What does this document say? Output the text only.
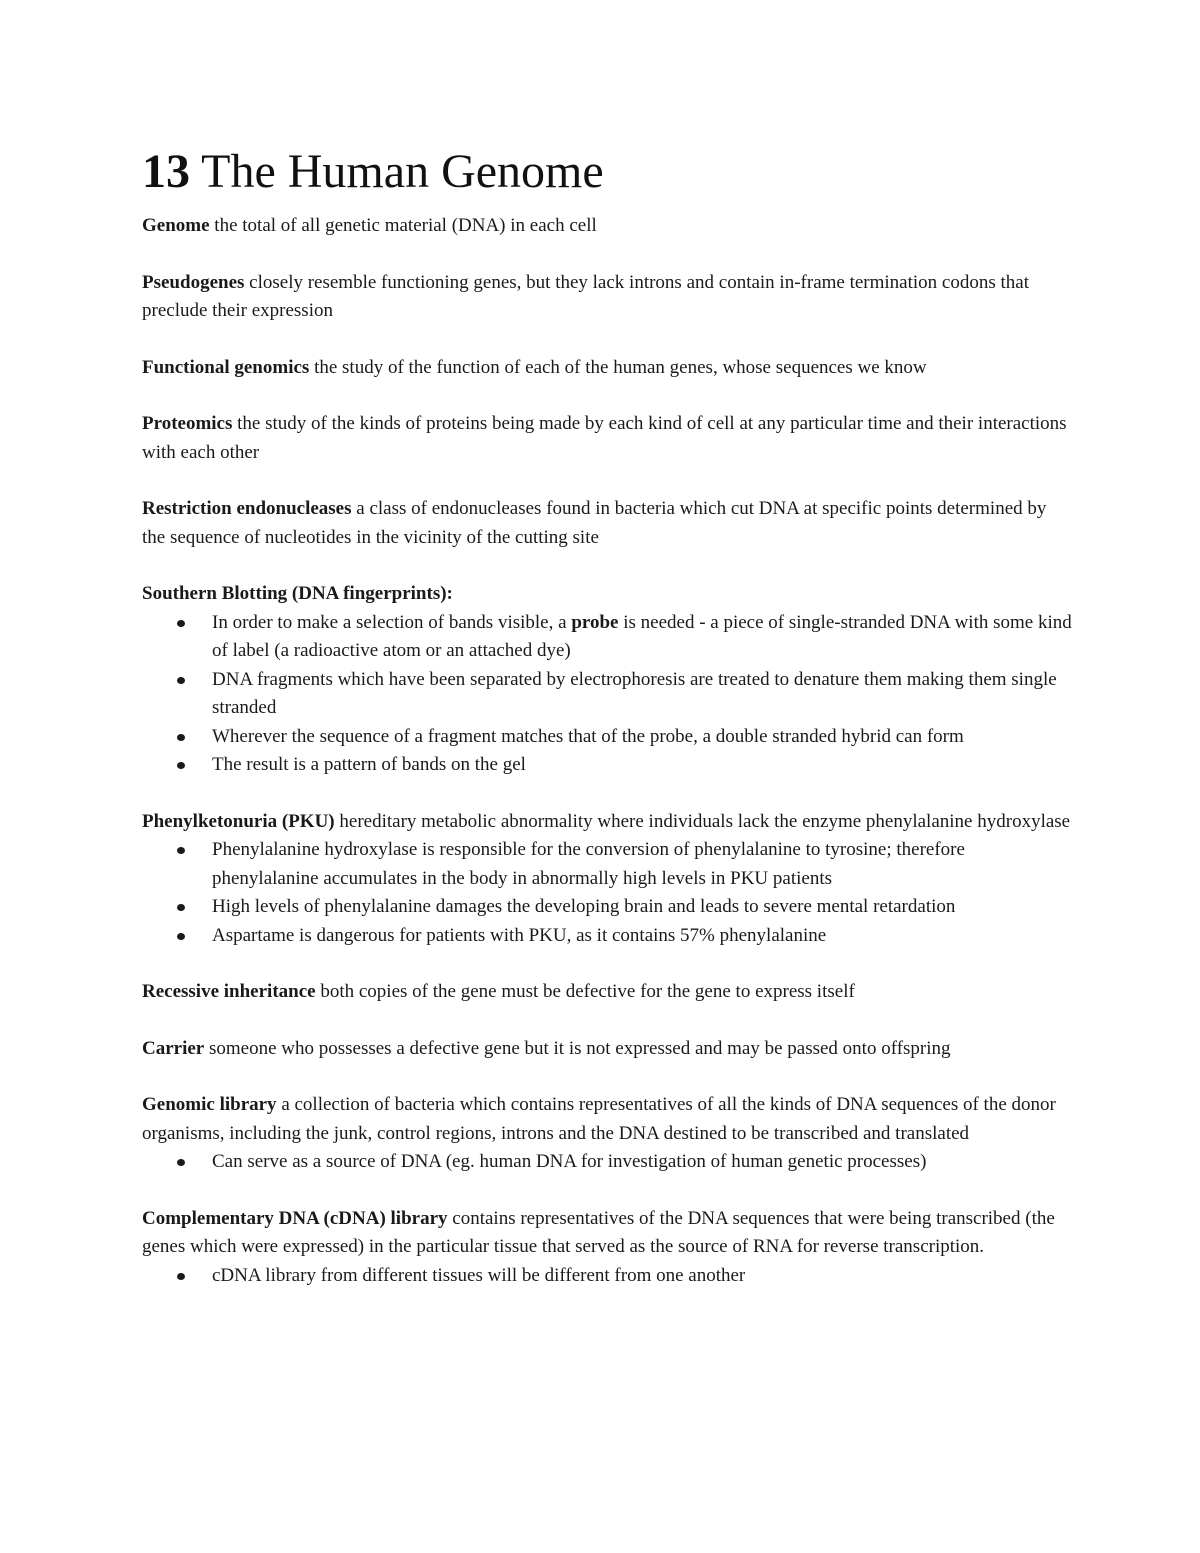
13 The Human Genome

Genome the total of all genetic material (DNA) in each cell

Pseudogenes closely resemble functioning genes, but they lack introns and contain in-frame termination codons that preclude their expression

Functional genomics the study of the function of each of the human genes, whose sequences we know

Proteomics the study of the kinds of proteins being made by each kind of cell at any particular time and their interactions with each other

Restriction endonucleases a class of endonucleases found in bacteria which cut DNA at specific points determined by the sequence of nucleotides in the vicinity of the cutting site

Southern Blotting (DNA fingerprints):

In order to make a selection of bands visible, a probe is needed - a piece of single-stranded DNA with some kind of label (a radioactive atom or an attached dye)
DNA fragments which have been separated by electrophoresis are treated to denature them making them single stranded
Wherever the sequence of a fragment matches that of the probe, a double stranded hybrid can form
The result is a pattern of bands on the gel

Phenylketonuria (PKU) hereditary metabolic abnormality where individuals lack the enzyme phenylalanine hydroxylase

Phenylalanine hydroxylase is responsible for the conversion of phenylalanine to tyrosine; therefore phenylalanine accumulates in the body in abnormally high levels in PKU patients
High levels of phenylalanine damages the developing brain and leads to severe mental retardation
Aspartame is dangerous for patients with PKU, as it contains 57% phenylalanine

Recessive inheritance both copies of the gene must be defective for the gene to express itself

Carrier someone who possesses a defective gene but it is not expressed and may be passed onto offspring

Genomic library a collection of bacteria which contains representatives of all the kinds of DNA sequences of the donor organisms, including the junk, control regions, introns and the DNA destined to be transcribed and translated

Can serve as a source of DNA (eg. human DNA for investigation of human genetic processes)

Complementary DNA (cDNA) library contains representatives of the DNA sequences that were being transcribed (the genes which were expressed) in the particular tissue that served as the source of RNA for reverse transcription.

cDNA library from different tissues will be different from one another
